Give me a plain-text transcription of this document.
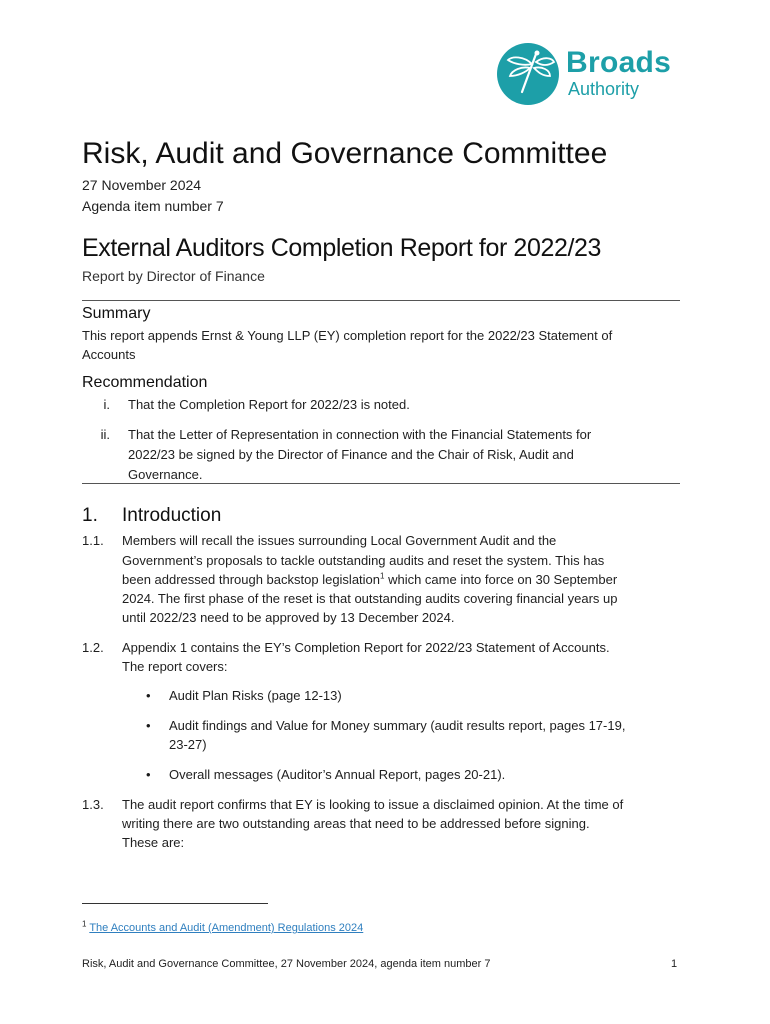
Broads
Authority
Risk, Audit and Governance Committee
27 November 2024
Agenda item number 7
External Auditors Completion Report for 2022/23
Report by Director of Finance
Summary
This report appends Ernst & Young LLP (EY) completion report for the 2022/23 Statement of
Accounts
Recommendation
i. That the Completion Report for 2022/23 is noted.
ii. That the Letter of Representation in connection with the Financial Statements for
2022/23 be signed by the Director of Finance and the Chair of Risk, Audit and
Governance.
1. Introduction
1.1. Members will recall the issues surrounding Local Government Audit and the
Government’s proposals to tackle outstanding audits and reset the system. This has
been addressed through backstop legislation$^1$ which came into force on 30 September
2024. The first phase of the reset is that outstanding audits covering financial years up
until 2022/23 need to be approved by 13 December 2024.
1.2. Appendix 1 contains the EY’s Completion Report for 2022/23 Statement of Accounts.
The report covers:
• Audit Plan Risks (page 12-13)
• Audit findings and Value for Money summary (audit results report, pages 17-19,
23-27)
• Overall messages (Auditor’s Annual Report, pages 20-21).
1.3. The audit report confirms that EY is looking to issue a disclaimed opinion. At the time of
writing there are two outstanding areas that need to be addressed before signing.
These are:
$^1$ The Accounts and Audit (Amendment) Regulations 2024
Risk, Audit and Governance Committee, 27 November 2024, agenda item number 7	1
